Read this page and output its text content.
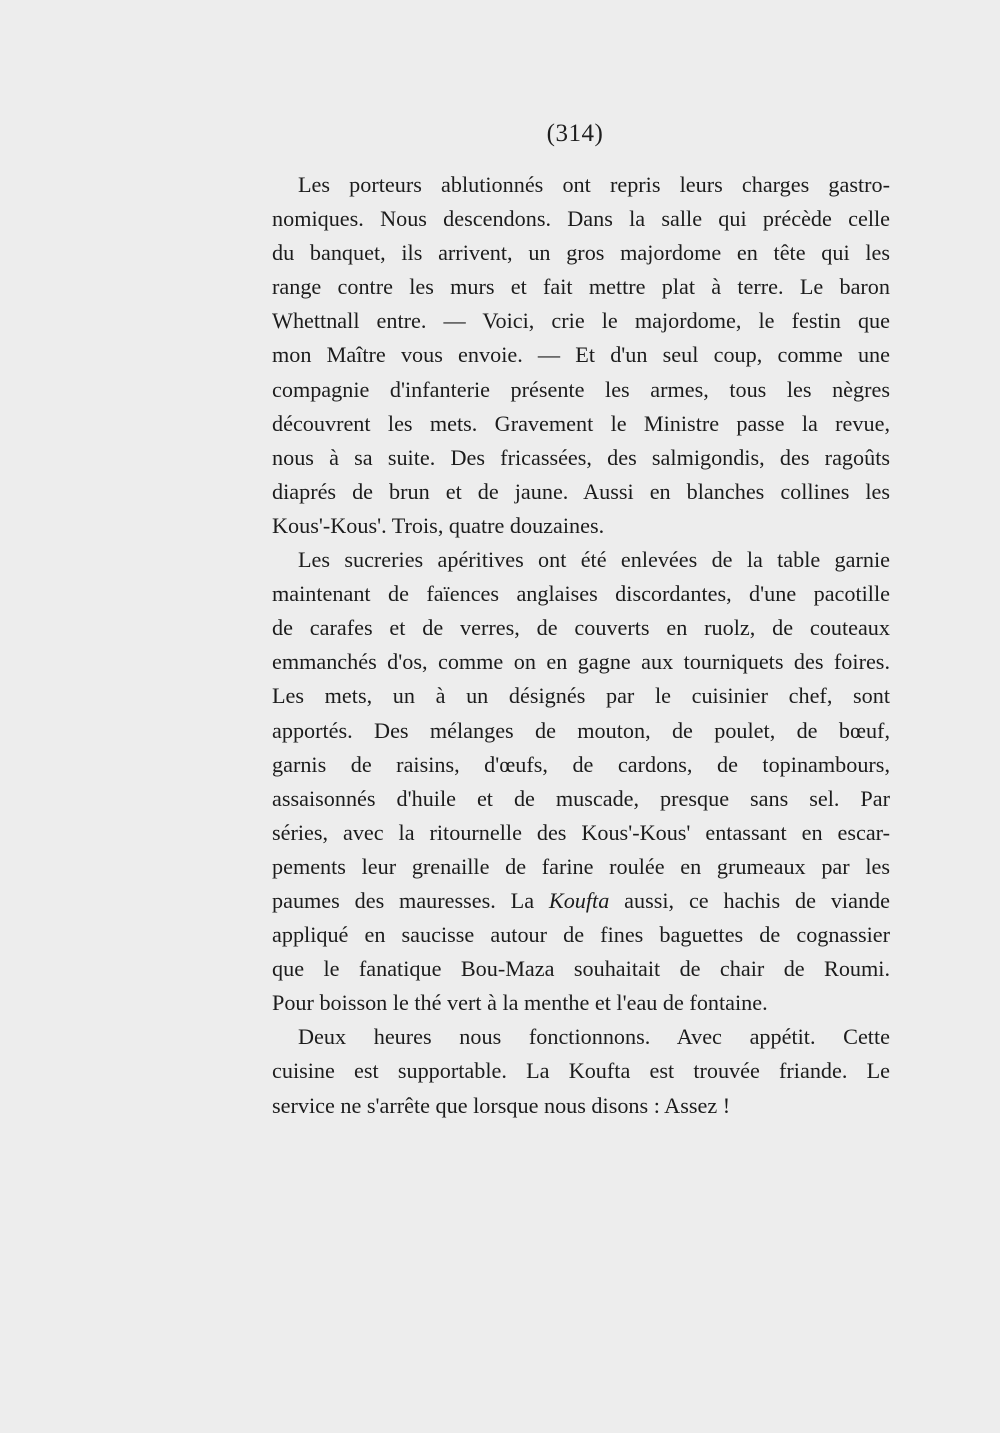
(314)

Les porteurs ablutionnés ont repris leurs charges gastro-
nomiques. Nous descendons. Dans la salle qui précède celle
du banquet, ils arrivent, un gros majordome en tête qui les
range contre les murs et fait mettre plat à terre. Le baron
Whettnall entre. — Voici, crie le majordome, le festin que
mon Maître vous envoie. — Et d'un seul coup, comme une
compagnie d'infanterie présente les armes, tous les nègres
découvrent les mets. Gravement le Ministre passe la revue,
nous à sa suite. Des fricassées, des salmigondis, des ragoûts
diaprés de brun et de jaune. Aussi en blanches collines les
Kous'-Kous'. Trois, quatre douzaines.

Les sucreries apéritives ont été enlevées de la table garnie
maintenant de faïences anglaises discordantes, d'une pacotille
de carafes et de verres, de couverts en ruolz, de couteaux
emmanchés d'os, comme on en gagne aux tourniquets des foires.
Les mets, un à un désignés par le cuisinier chef, sont
apportés. Des mélanges de mouton, de poulet, de bœuf,
garnis de raisins, d'œufs, de cardons, de topinambours,
assaisonnés d'huile et de muscade, presque sans sel. Par
séries, avec la ritournelle des Kous'-Kous' entassant en escar-
pements leur grenaille de farine roulée en grumeaux par les
paumes des mauresses. La Koufta aussi, ce hachis de viande
appliqué en saucisse autour de fines baguettes de cognassier
que le fanatique Bou-Maza souhaitait de chair de Roumi.
Pour boisson le thé vert à la menthe et l'eau de fontaine.

Deux heures nous fonctionnons. Avec appétit. Cette
cuisine est supportable. La Koufta est trouvée friande. Le
service ne s'arrête que lorsque nous disons : Assez !
